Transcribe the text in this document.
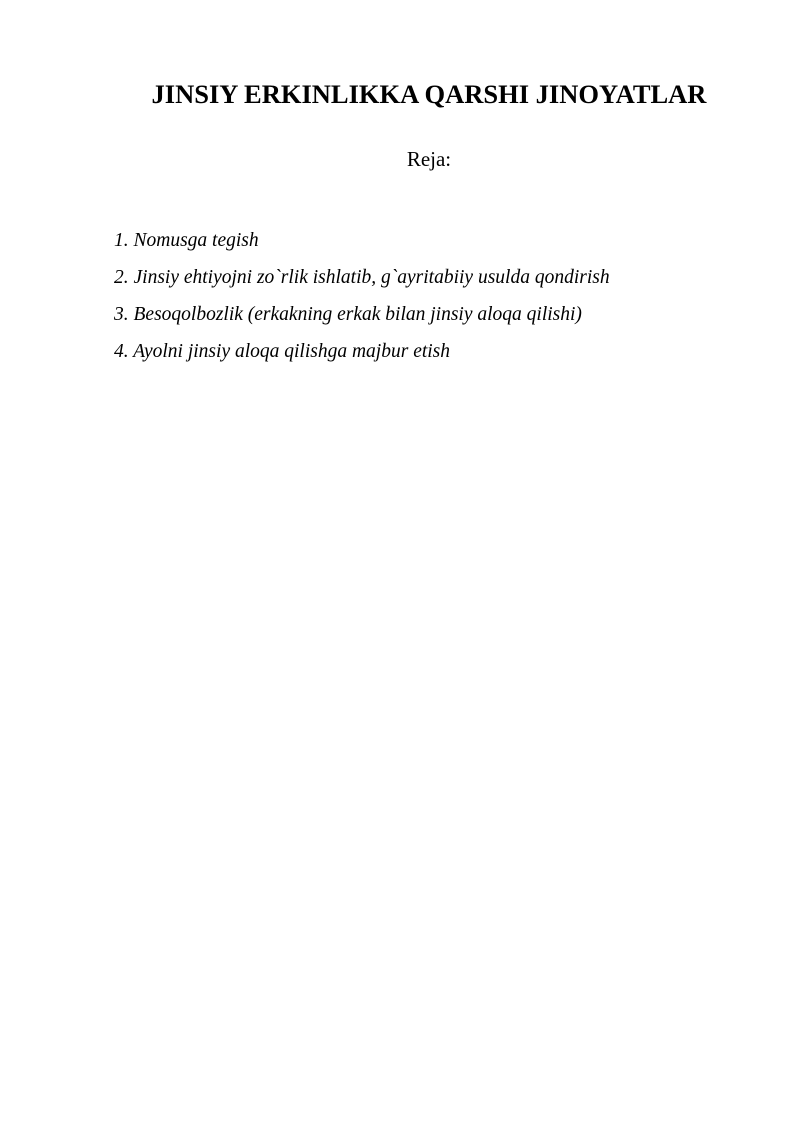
JINSIY ERKINLIKKA QARSHI JINOYATLAR
Reja:
1. Nomusga tegish
2. Jinsiy ehtiyojni zo`rlik ishlatib, g`ayritabiiy usulda qondirish
3. Besoqolbozlik (erkakning erkak bilan jinsiy aloqa qilishi)
4. Ayolni jinsiy aloqa qilishga majbur etish
